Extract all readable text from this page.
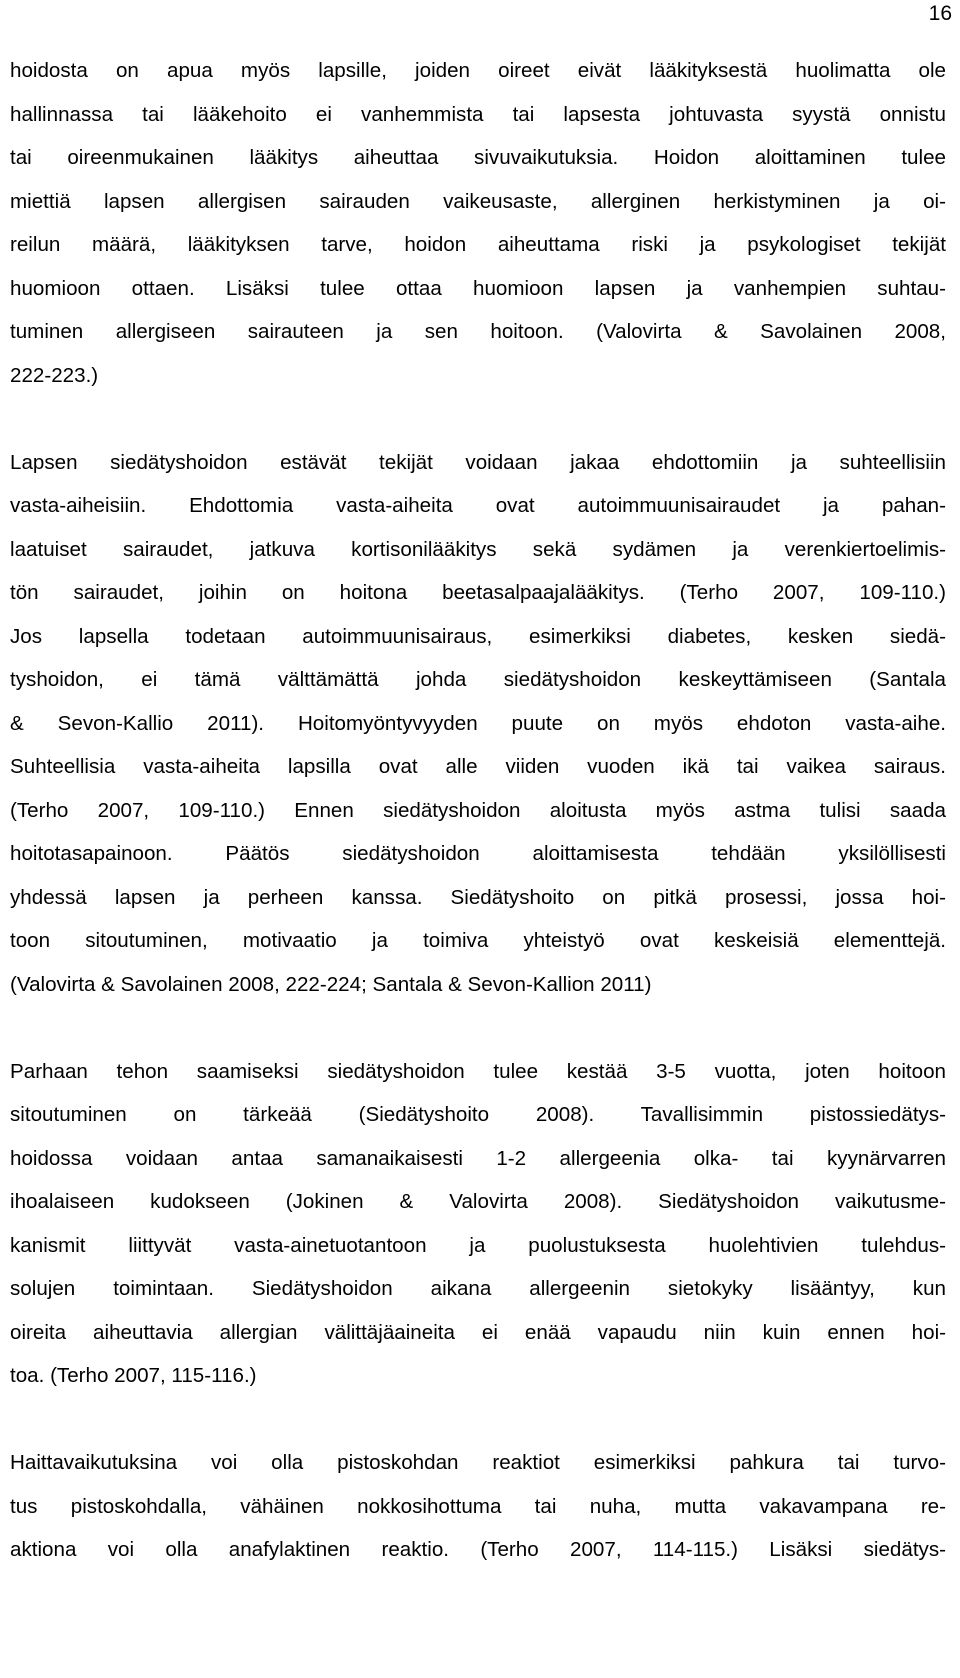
16
hoidosta on apua myös lapsille, joiden oireet eivät lääkityksestä huolimatta ole
hallinnassa tai lääkehoito ei vanhemmista tai lapsesta johtuvasta syystä onnistu
tai oireenmukainen lääkitys aiheuttaa sivuvaikutuksia. Hoidon aloittaminen tulee
miettiä lapsen allergisen sairauden vaikeusaste, allerginen herkistyminen ja oi-
reilun määrä, lääkityksen tarve, hoidon aiheuttama riski ja psykologiset tekijät
huomioon ottaen. Lisäksi tulee ottaa huomioon lapsen ja vanhempien suhtau-
tuminen allergiseen sairauteen ja sen hoitoon. (Valovirta & Savolainen 2008,
222-223.)
Lapsen siedätyshoidon estävät tekijät voidaan jakaa ehdottomiin ja suhteellisiin
vasta-aiheisiin. Ehdottomia vasta-aiheita ovat autoimmuunisairaudet ja pahan-
laatuiset sairaudet, jatkuva kortisonilääkitys sekä sydämen ja verenkiertoelimis-
tön sairaudet, joihin on hoitona beetasalpaajalääkitys. (Terho 2007, 109-110.)
Jos lapsella todetaan autoimmuunisairaus, esimerkiksi diabetes, kesken siedä-
tyshoidon, ei tämä välttämättä johda siedätyshoidon keskeyttämiseen (Santala
& Sevon-Kallio 2011). Hoitomyöntyvyyden puute on myös ehdoton vasta-aihe.
Suhteellisia vasta-aiheita lapsilla ovat alle viiden vuoden ikä tai vaikea sairaus.
(Terho 2007, 109-110.) Ennen siedätyshoidon aloitusta myös astma tulisi saada
hoitotasapainoon. Päätös siedätyshoidon aloittamisesta tehdään yksilöllisesti
yhdessä lapsen ja perheen kanssa. Siedätyshoito on pitkä prosessi, jossa hoi-
toon sitoutuminen, motivaatio ja toimiva yhteistyö ovat keskeisiä elementtejä.
(Valovirta & Savolainen 2008, 222-224; Santala & Sevon-Kallion 2011)
Parhaan tehon saamiseksi siedätyshoidon tulee kestää 3-5 vuotta, joten hoitoon
sitoutuminen on tärkeää (Siedätyshoito 2008). Tavallisimmin pistossiedätys-
hoidossa voidaan antaa samanaikaisesti 1-2 allergeenia olka- tai kyynärvarren
ihoalaiseen kudokseen (Jokinen & Valovirta 2008). Siedätyshoidon vaikutusme-
kanismit liittyvät vasta-ainetuotantoon ja puolustuksesta huolehtivien tulehdus-
solujen toimintaan. Siedätyshoidon aikana allergeenin sietokyky lisääntyy, kun
oireita aiheuttavia allergian välittäjäaineita ei enää vapaudu niin kuin ennen hoi-
toa. (Terho 2007, 115-116.)
Haittavaikutuksina voi olla pistoskohdan reaktiot esimerkiksi pahkura tai turvo-
tus pistoskohdalla, vähäinen nokkosihottuma tai nuha, mutta vakavampana re-
aktiona voi olla anafylaktinen reaktio. (Terho 2007, 114-115.) Lisäksi siedätys-
